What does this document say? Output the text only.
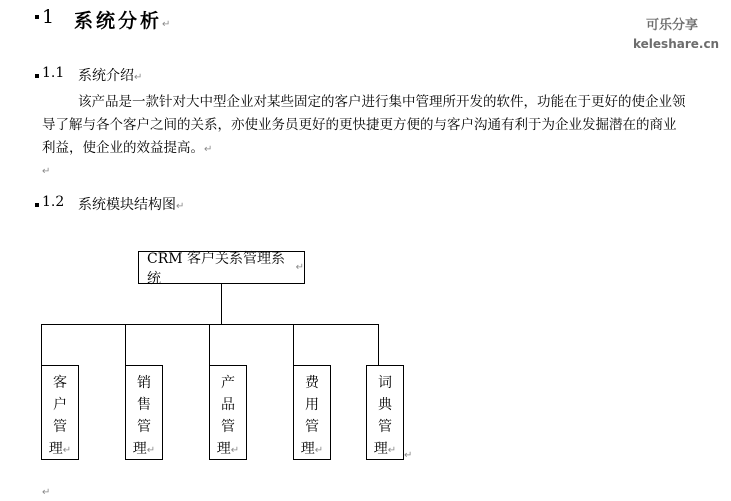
可乐分享
keleshare.cn
1 系统分析↵
1.1 系统介绍↵
该产品是一款针对大中型企业对某些固定的客户进行集中管理所开发的软件，功能在于更好的使企业领
导了解与各个客户之间的关系，亦使业务员更好的更快捷更方便的与客户沟通有利于为企业发掘潜在的商业
利益，使企业的效益提高。↵
↵
1.2 系统模块结构图↵
CRM 客户关系管理系统
↵
客
户
管
理↵
销
售
管
理↵
产
品
管
理↵
费
用
管
理↵
词
典
管
理↵ ↵
↵
